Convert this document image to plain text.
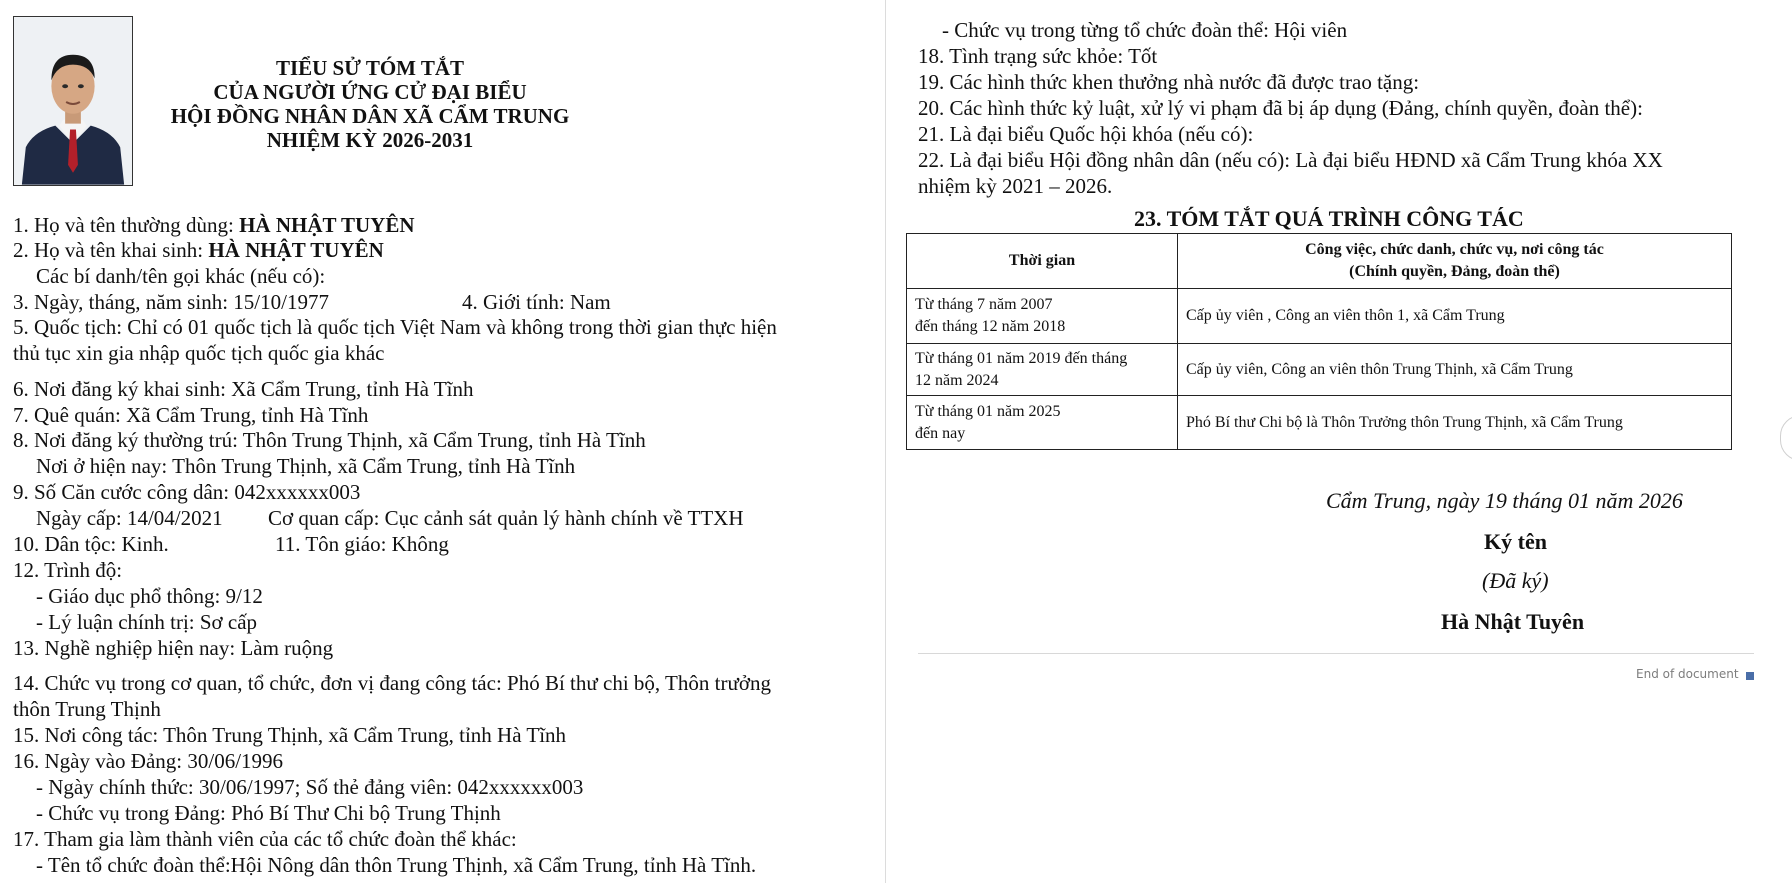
TIỂU SỬ TÓM TẮT
CỦA NGƯỜI ỨNG CỬ ĐẠI BIỂU
HỘI ĐỒNG NHÂN DÂN XÃ CẨM TRUNG
NHIỆM KỲ 2026-2031
1. Họ và tên thường dùng: HÀ NHẬT TUYÊN
2. Họ và tên khai sinh: HÀ NHẬT TUYÊN
Các bí danh/tên gọi khác (nếu có):
3. Ngày, tháng, năm sinh: 15/10/1977	4. Giới tính: Nam
5. Quốc tịch: Chỉ có 01 quốc tịch là quốc tịch Việt Nam và không trong thời gian thực hiện
thủ tục xin gia nhập quốc tịch quốc gia khác
6. Nơi đăng ký khai sinh: Xã Cẩm Trung, tỉnh Hà Tĩnh
7. Quê quán: Xã Cẩm Trung, tỉnh Hà Tĩnh
8. Nơi đăng ký thường trú: Thôn Trung Thịnh, xã Cẩm Trung, tỉnh Hà Tĩnh
Nơi ở hiện nay: Thôn Trung Thịnh, xã Cẩm Trung, tỉnh Hà Tĩnh
9. Số Căn cước công dân: 042xxxxxx003
Ngày cấp: 14/04/2021 Cơ quan cấp: Cục cảnh sát quản lý hành chính về TTXH
10. Dân tộc: Kinh.	11. Tôn giáo: Không
12. Trình độ:
- Giáo dục phổ thông: 9/12
- Lý luận chính trị: Sơ cấp
13. Nghề nghiệp hiện nay: Làm ruộng
14. Chức vụ trong cơ quan, tổ chức, đơn vị đang công tác: Phó Bí thư chi bộ, Thôn trưởng
thôn Trung Thịnh
15. Nơi công tác: Thôn Trung Thịnh, xã Cẩm Trung, tỉnh Hà Tĩnh
16. Ngày vào Đảng: 30/06/1996
- Ngày chính thức: 30/06/1997; Số thẻ đảng viên: 042xxxxxx003
- Chức vụ trong Đảng: Phó Bí Thư Chi bộ Trung Thịnh
17. Tham gia làm thành viên của các tổ chức đoàn thể khác:
- Tên tổ chức đoàn thể:Hội Nông dân thôn Trung Thịnh, xã Cẩm Trung, tỉnh Hà Tĩnh.
- Chức vụ trong từng tổ chức đoàn thể: Hội viên
18. Tình trạng sức khỏe: Tốt
19. Các hình thức khen thưởng nhà nước đã được trao tặng:
20. Các hình thức kỷ luật, xử lý vi phạm đã bị áp dụng (Đảng, chính quyền, đoàn thể):
21. Là đại biểu Quốc hội khóa (nếu có):
22. Là đại biểu Hội đồng nhân dân (nếu có): Là đại biểu HĐND xã Cẩm Trung khóa XX
nhiệm kỳ 2021 – 2026.
23. TÓM TẮT QUÁ TRÌNH CÔNG TÁC
Thời gian	Công việc, chức danh, chức vụ, nơi công tác
(Chính quyền, Đảng, đoàn thể)

Từ tháng 7 năm 2007
đến tháng 12 năm 2018	Cấp ủy viên , Công an viên thôn 1, xã Cẩm Trung

Từ tháng 01 năm 2019 đến tháng
12 năm 2024	Cấp ủy viên, Công an viên thôn Trung Thịnh, xã Cẩm Trung

Từ tháng 01 năm 2025
đến nay	Phó Bí thư Chi bộ là Thôn Trưởng thôn Trung Thịnh, xã Cẩm Trung
Cẩm Trung, ngày 19 tháng 01 năm 2026
Ký tên
(Đã ký)
Hà Nhật Tuyên
End of document
